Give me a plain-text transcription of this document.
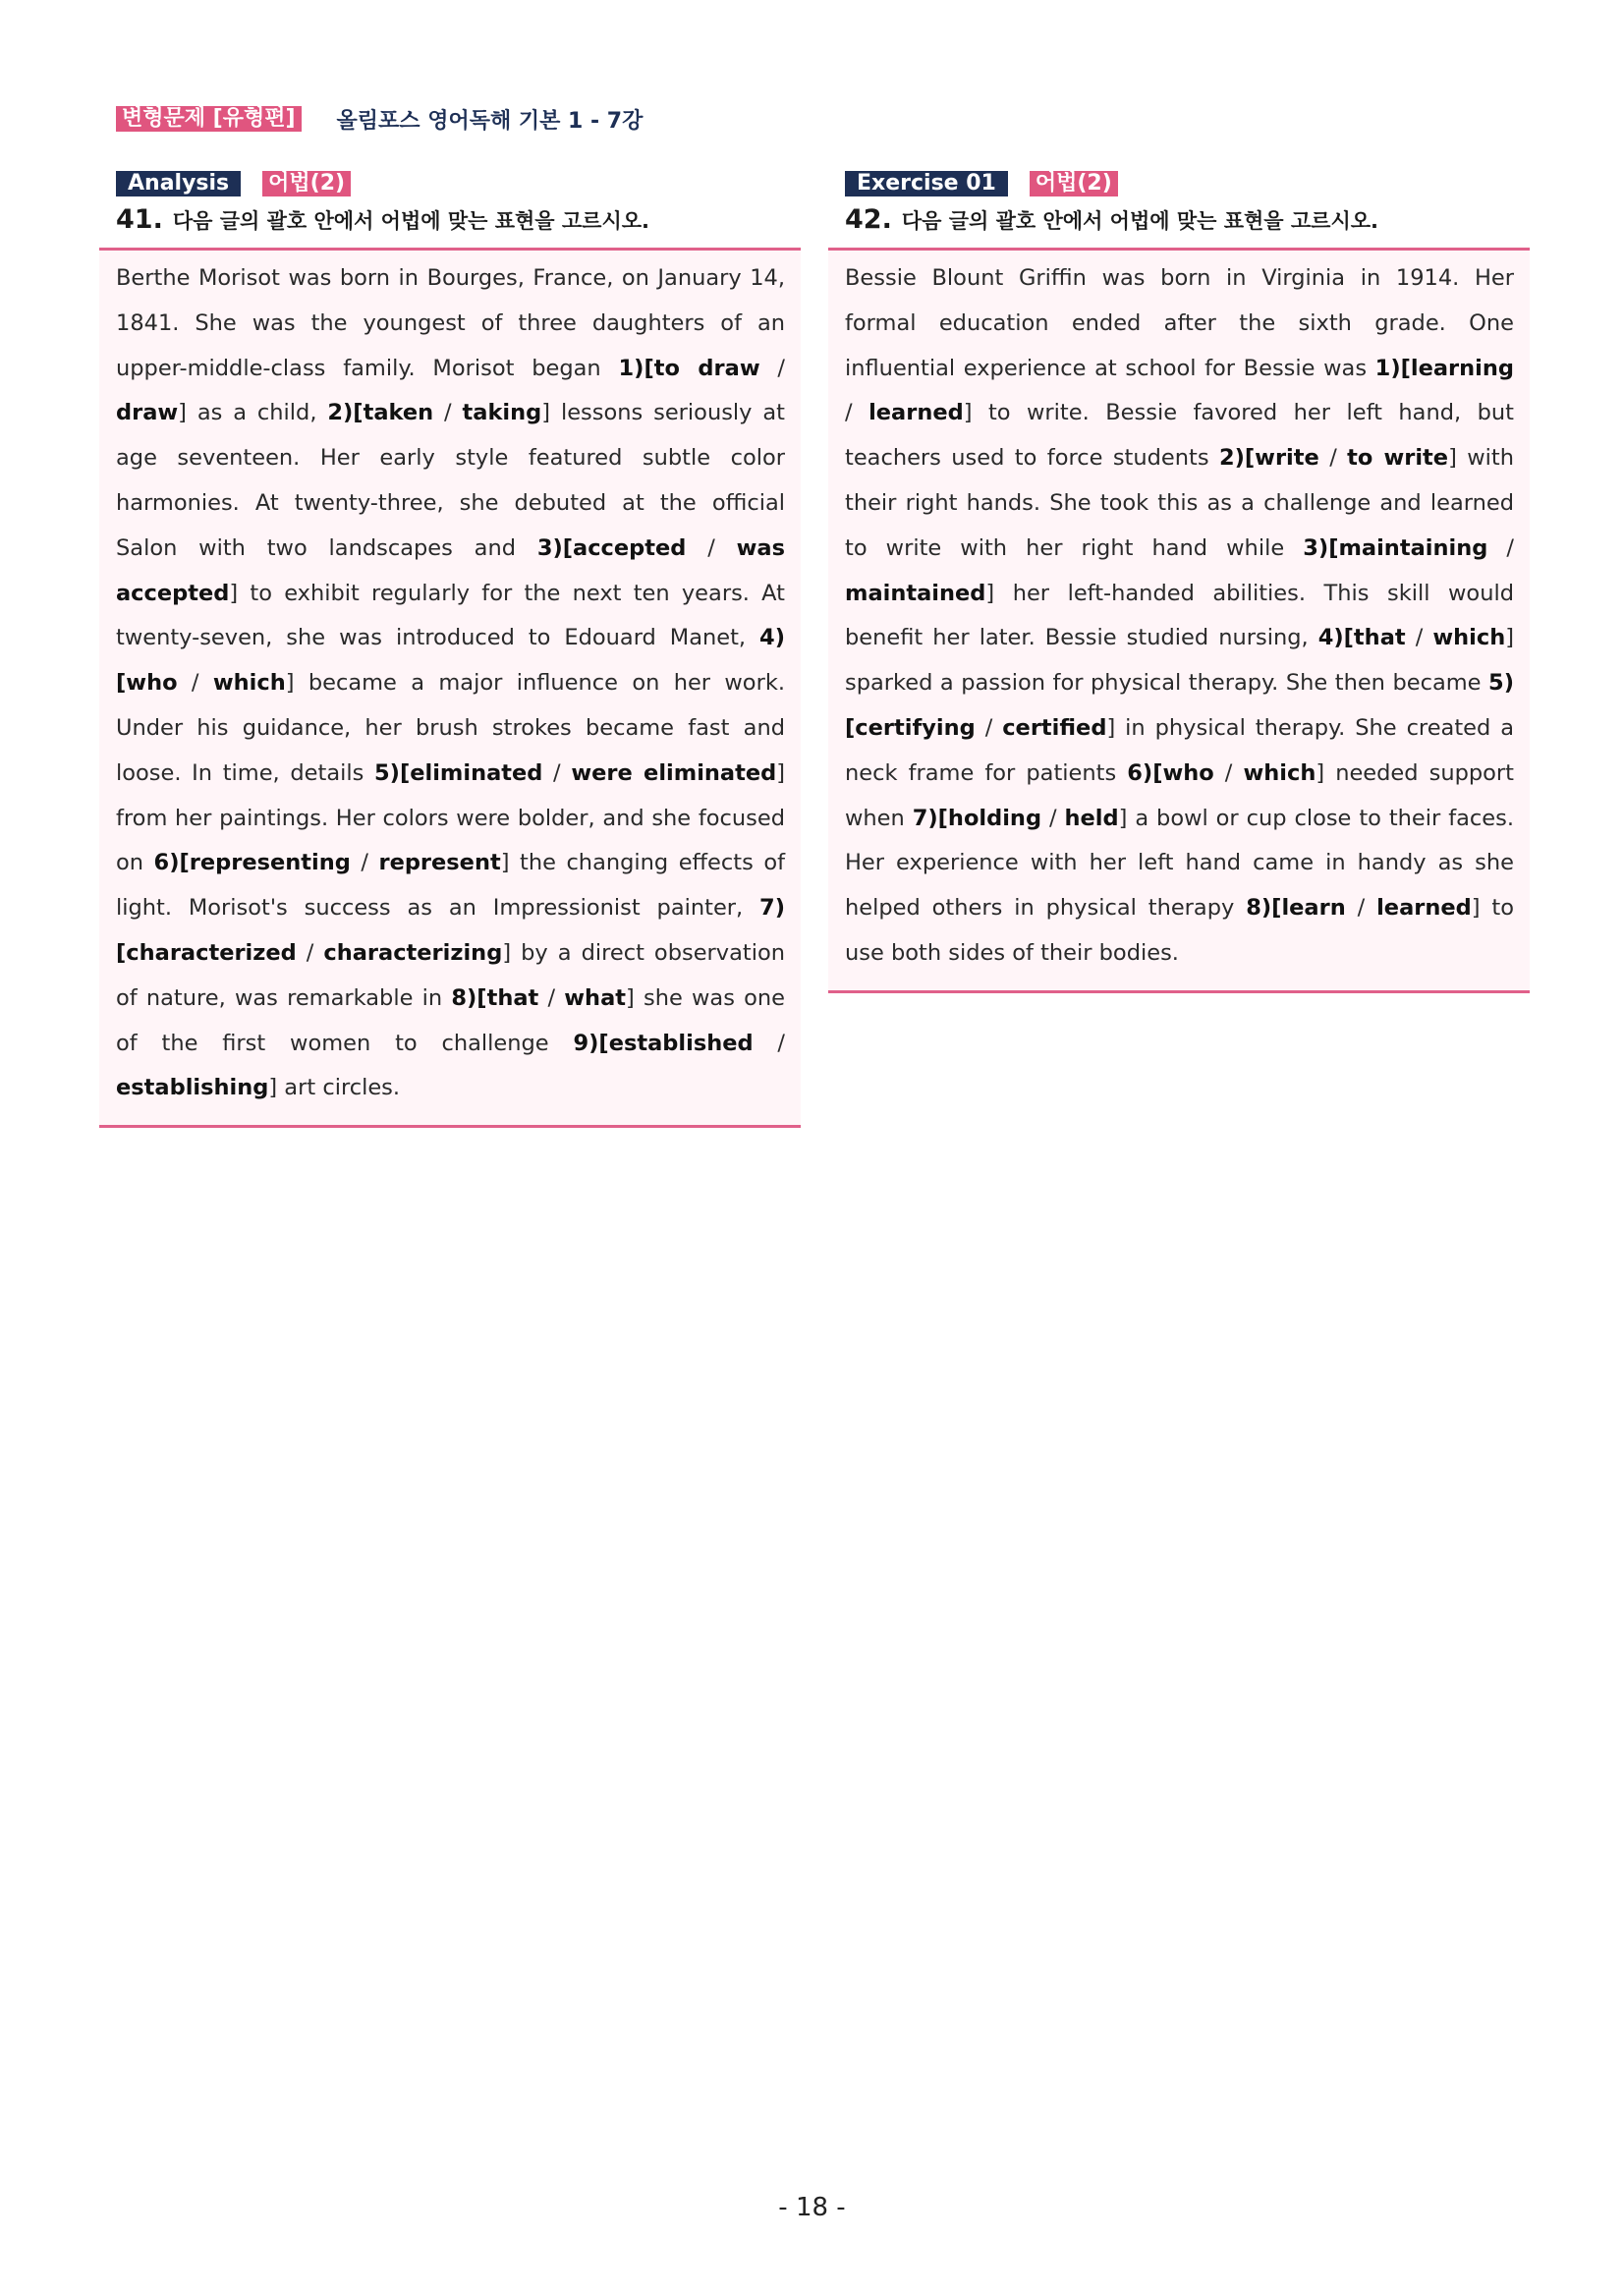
변형문제 [유형편] 올림포스 영어독해 기본 1 - 7강
Analysis	어법(2)
41. 다음 글의 괄호 안에서 어법에 맞는 표현을 고르시오.

Berthe Morisot was born in Bourges, France, on January 14, 1841. She was the youngest of three daughters of an upper-middle-class family. Morisot began 1)[to draw / draw] as a child, 2)[taken / taking] lessons seriously at age seventeen. Her early style featured subtle color harmonies. At twenty-three, she debuted at the official Salon with two landscapes and 3)[accepted / was accepted] to exhibit regularly for the next ten years. At twenty-seven, she was introduced to Edouard Manet, 4)[who / which] became a major influence on her work. Under his guidance, her brush strokes became fast and loose. In time, details 5)[eliminated / were eliminated] from her paintings. Her colors were bolder, and she focused on 6)[representing / represent] the changing effects of light. Morisot's success as an Impressionist painter, 7)[characterized / characterizing] by a direct observation of nature, was remarkable in 8)[that / what] she was one of the first women to challenge 9)[established / establishing] art circles.

Exercise 01	어법(2)
42. 다음 글의 괄호 안에서 어법에 맞는 표현을 고르시오.

Bessie Blount Griffin was born in Virginia in 1914. Her formal education ended after the sixth grade. One influential experience at school for Bessie was 1)[learning / learned] to write. Bessie favored her left hand, but teachers used to force students 2)[write / to write] with their right hands. She took this as a challenge and learned to write with her right hand while 3)[maintaining / maintained] her left-handed abilities. This skill would benefit her later. Bessie studied nursing, 4)[that / which] sparked a passion for physical therapy. She then became 5)[certifying / certified] in physical therapy. She created a neck frame for patients 6)[who / which] needed support when 7)[holding / held] a bowl or cup close to their faces. Her experience with her left hand came in handy as she helped others in physical therapy 8)[learn / learned] to use both sides of their bodies.

- 18 -
